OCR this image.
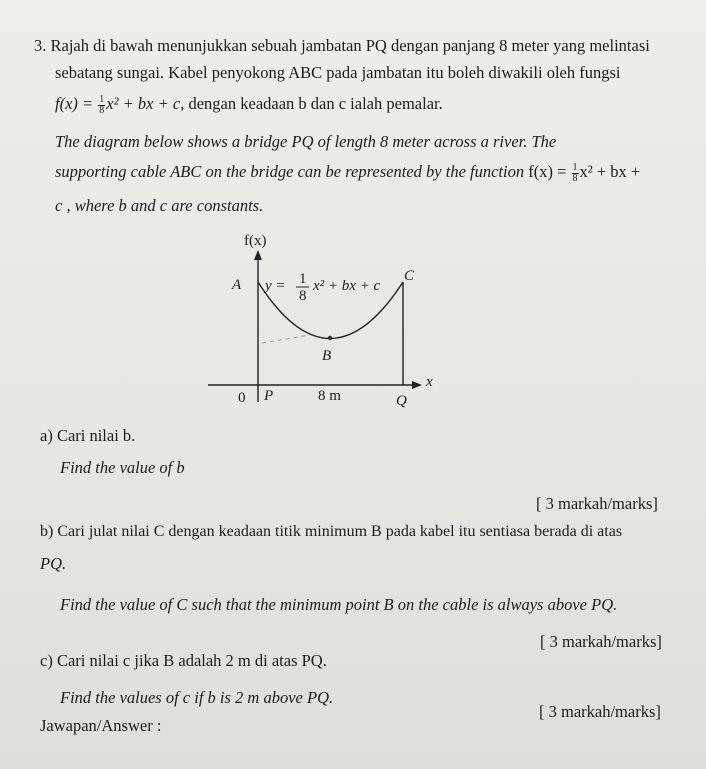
3. Rajah di bawah menunjukkan sebuah jambatan PQ dengan panjang 8 meter yang melintasi
sebatang sungai. Kabel penyokong ABC pada jambatan itu boleh diwakili oleh fungsi
$f(x) = \frac{1}{8} x^2$ + bx + c, dengan keadaan b dan c ialah pemalar.
The diagram below shows a bridge PQ of length 8 meter across a river. The
supporting cable ABC on the bridge can be represented by the function $f(x) = \frac{1}{8} x^2$ + bx +
c , where b and c are constants.
f(x)
A
C
B
0 P	8 m	Q
x
y = 1
8
x² + bx + c
a) Cari nilai b.
Find the value of b
[ 3 markah/marks]
b) Cari julat nilai C dengan keadaan titik minimum B pada kabel itu sentiasa berada di atas
PQ.
Find the value of C such that the minimum point B on the cable is always above PQ.
[ 3 markah/marks]
c) Cari nilai c jika B adalah 2 m di atas PQ.
Find the values of c if b is 2 m above PQ.
Jawapan/Answer :
[ 3 markah/marks]
